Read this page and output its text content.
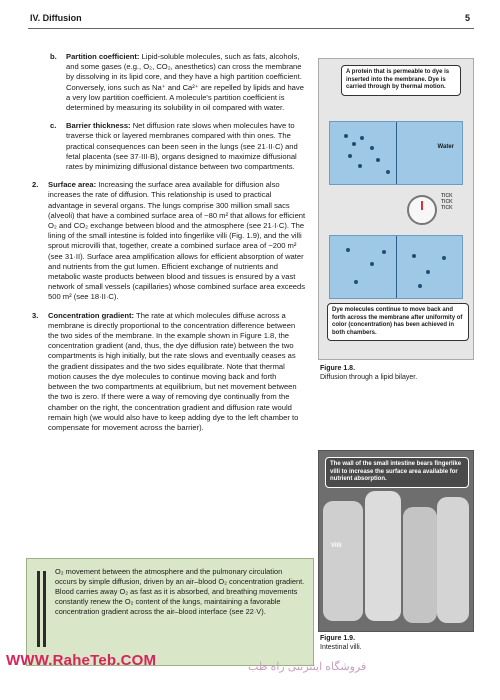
IV. Diffusion	5
b. Partition coefficient: Lipid-soluble molecules, such as fats, alcohols, and some gases (e.g., O₂, CO₂, anesthetics) can cross the membrane by dissolving in its lipid core, and they have a high partition coefficient. Conversely, ions such as Na⁺ and Ca²⁺ are repelled by lipids and have a very low partition coefficient. A molecule's partition coefficient is determined by measuring its solubility in oil compared with water.
c. Barrier thickness: Net diffusion rate slows when molecules have to traverse thick or layered membranes compared with thin ones. The practical consequences can been seen in the lungs (see 21·II·C) and fetal placenta (see 37·III·B), organs designed to maximize diffusional rates by minimizing diffusional distance between two compartments.
2. Surface area: Increasing the surface area available for diffusion also increases the rate of diffusion. This relationship is used to practical advantage in several organs. The lungs comprise 300 million small sacs (alveoli) that have a combined surface area of ~80 m² that allows for efficient O₂ and CO₂ exchange between blood and the atmosphere (see 21·I·C). The lining of the small intestine is folded into fingerlike villi (Fig. 1.9), and the villi sprout microvilli that, together, create a combined surface area of ~200 m² (see 31·II). Surface area amplification allows for efficient absorption of water and nutrients from the gut lumen. Efficient exchange of nutrients and metabolic waste products between blood and tissues is ensured by a vast network of small vessels (capillaries) whose combined surface area exceeds 500 m² (see 18·II·C).
3. Concentration gradient: The rate at which molecules diffuse across a membrane is directly proportional to the concentration difference between the two sides of the membrane. In the example shown in Figure 1.8, the concentration gradient (and, thus, the dye diffusion rate) between the two compartments is high initially, but the rate slows and eventually ceases as the gradient dissipates and the two sides equilibrate. Note that thermal motion causes the dye molecules to continue moving back and forth between the two compartments at equilibrium, but net movement between the two is zero. If there were a way of removing dye continually from the chamber on the right, the concentration gradient and diffusion rate would remain high (we would also have to keep adding dye to the left chamber to compensate for movement across the barrier).
O₂ movement between the atmosphere and the pulmonary circulation occurs by simple diffusion, driven by an air–blood O₂ concentration gradient. Blood carries away O₂ as fast as it is absorbed, and breathing movements constantly renew the O₂ content of the lungs, maintaining a favorable concentration gradient across the air–blood interface (see 22·V).
A protein that is permeable to dye is inserted into the membrane. Dye is carried through by thermal motion.
Water
TICK TICK TICK
Dye molecules continue to move back and forth across the membrane after uniformity of color (concentration) has been achieved in both chambers.
Figure 1.8.
Diffusion through a lipid bilayer.
The wall of the small intestine bears fingerlike villi to increase the surface area available for nutrient absorption.
Villi
Figure 1.9.
Intestinal villi.
WWW.RaheTeb.COM	فروشگاه اینترنتی راه طب
